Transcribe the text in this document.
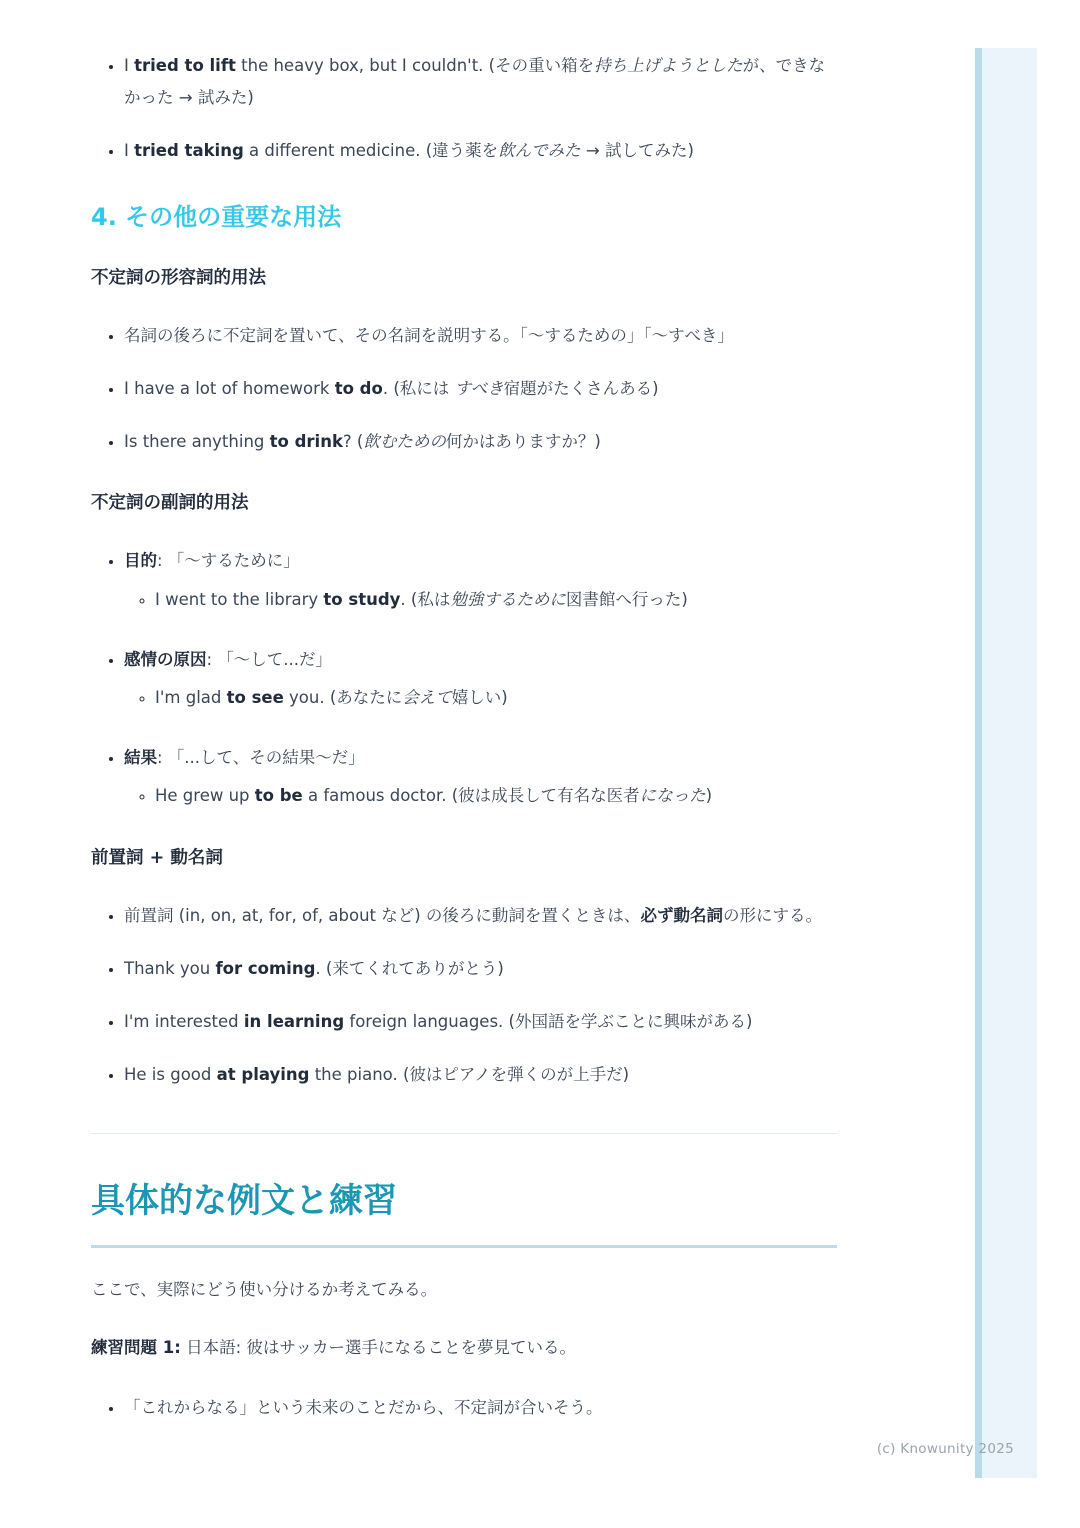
(c) Knowunity 2025
• I tried to lift the heavy box, but I couldn't. (その重い箱を持ち上げようとしたが、できなかった → 試みた)
• I tried taking a different medicine. (違う薬を飲んでみた → 試してみた)
4. その他の重要な用法

不定詞の形容詞的用法

• 名詞の後ろに不定詞を置いて、その名詞を説明する。「〜するための」「〜すべき」
• I have a lot of homework to do. (私には すべき宿題がたくさんある)
• Is there anything to drink? (飲むための何かはありますか？)

不定詞の副詞的用法

• 目的: 「〜するために」
◦ I went to the library to study. (私は勉強するために図書館へ行った)
• 感情の原因: 「〜して...だ」
◦ I'm glad to see you. (あなたに会えて嬉しい)
• 結果: 「...して、その結果〜だ」
◦ He grew up to be a famous doctor. (彼は成長して有名な医者になった)

前置詞 + 動名詞

• 前置詞 (in, on, at, for, of, about など) の後ろに動詞を置くときは、必ず動名詞の形にする。
• Thank you for coming. (来てくれてありがとう)
• I'm interested in learning foreign languages. (外国語を学ぶことに興味がある)
• He is good at playing the piano. (彼はピアノを弾くのが上手だ)
具体的な例文と練習

ここで、実際にどう使い分けるか考えてみる。

練習問題 1: 日本語: 彼はサッカー選手になることを夢見ている。

• 「これからなる」という未来のことだから、不定詞が合いそう。
